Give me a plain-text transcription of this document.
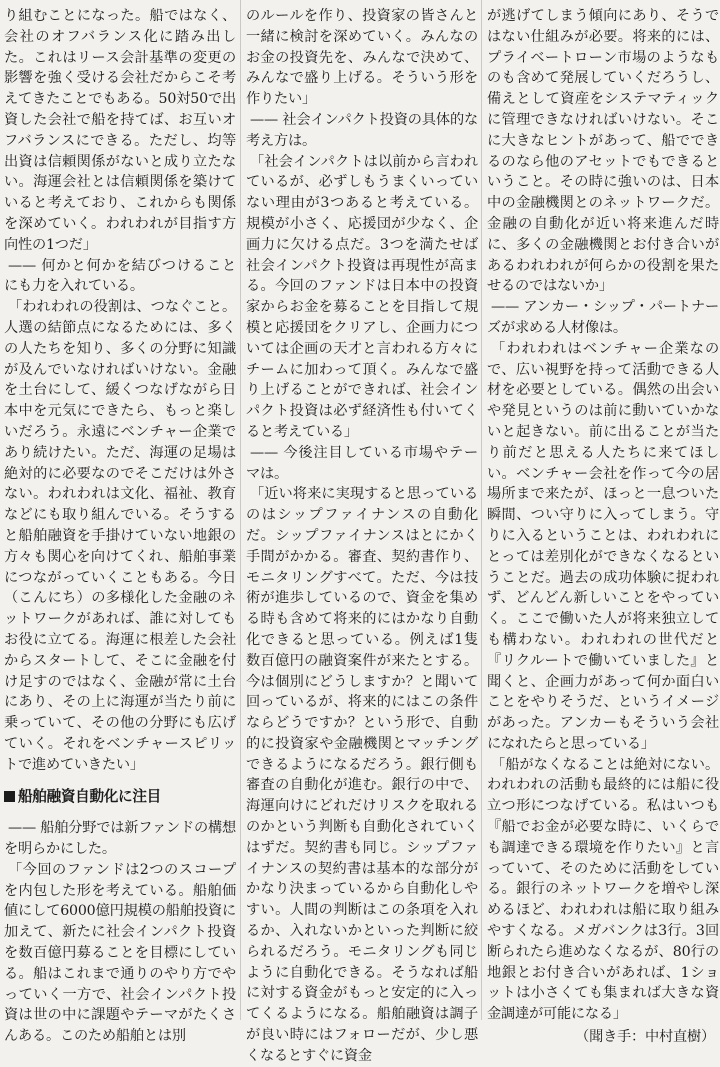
り組むことになった。船ではなく、会社のオフバランス化に踏み出した。これはリース会計基準の変更の影響を強く受ける会社だからこそ考えてきたことでもある。50対50で出資した会社で船を持てば、お互いオフバランスにできる。ただし、均等出資は信頼関係がないと成り立たない。海運会社とは信頼関係を築けていると考えており、これからも関係を深めていく。われわれが目指す方向性の1つだ」

—— 何かと何かを結びつけることにも力を入れている。

「われわれの役割は、つなぐこと。人選の結節点になるためには、多くの人たちを知り、多くの分野に知識が及んでいなければいけない。金融を土台にして、緩くつなげながら日本中を元気にできたら、もっと楽しいだろう。永遠にベンチャー企業であり続けたい。ただ、海運の足場は絶対的に必要なのでそこだけは外さない。われわれは文化、福祉、教育などにも取り組んでいる。そうすると船舶融資を手掛けていない地銀の方々も関心を向けてくれ、船舶事業につながっていくこともある。今日（こんにち）の多様化した金融のネットワークがあれば、誰に対してもお役に立てる。海運に根差した会社からスタートして、そこに金融を付け足すのではなく、金融が常に土台にあり、その上に海運が当たり前に乗っていて、その他の分野にも広げていく。それをベンチャースピリットで進めていきたい」

船舶融資自動化に注目

—— 船舶分野では新ファンドの構想を明らかにした。

「今回のファンドは2つのスコープを内包した形を考えている。船舶価値にして6000億円規模の船舶投資に加えて、新たに社会インパクト投資を数百億円募ることを目標にしている。船はこれまで通りのやり方でやっていく一方で、社会インパクト投資は世の中に課題やテーマがたくさんある。このため船舶とは別

のルールを作り、投資家の皆さんと一緒に検討を深めていく。みんなのお金の投資先を、みんなで決めて、みんなで盛り上げる。そういう形を作りたい」

—— 社会インパクト投資の具体的な考え方は。

「社会インパクトは以前から言われているが、必ずしもうまくいっていない理由が3つあると考えている。規模が小さく、応援団が少なく、企画力に欠ける点だ。3つを満たせば社会インパクト投資は再現性が高まる。今回のファンドは日本中の投資家からお金を募ることを目指して規模と応援団をクリアし、企画力については企画の天才と言われる方々にチームに加わって頂く。みんなで盛り上げることができれば、社会インパクト投資は必ず経済性も付いてくると考えている」

—— 今後注目している市場やテーマは。

「近い将来に実現すると思っているのはシップファイナンスの自動化だ。シップファイナンスはとにかく手間がかかる。審査、契約書作り、モニタリングすべて。ただ、今は技術が進歩しているので、資金を集める時も含めて将来的にはかなり自動化できると思っている。例えば1隻数百億円の融資案件が来たとする。今は個別にどうしますか？と聞いて回っているが、将来的にはこの条件ならどうですか？という形で、自動的に投資家や金融機関とマッチングできるようになるだろう。銀行側も審査の自動化が進む。銀行の中で、海運向けにどれだけリスクを取れるのかという判断も自動化されていくはずだ。契約書も同じ。シップファイナンスの契約書は基本的な部分がかなり決まっているから自動化しやすい。人間の判断はこの条項を入れるか、入れないかといった判断に絞られるだろう。モニタリングも同じように自動化できる。そうなれば船に対する資金がもっと安定的に入ってくるようになる。船舶融資は調子が良い時にはフォローだが、少し悪くなるとすぐに資金

が逃げてしまう傾向にあり、そうではない仕組みが必要。将来的には、プライベートローン市場のようなものも含めて発展していくだろうし、備えとして資産をシステマティックに管理できなければいけない。そこに大きなヒントがあって、船でできるのなら他のアセットでもできるということ。その時に強いのは、日本中の金融機関とのネットワークだ。金融の自動化が近い将来進んだ時に、多くの金融機関とお付き合いがあるわれわれが何らかの役割を果たせるのではないか」

—— アンカー・シップ・パートナーズが求める人材像は。

「われわれはベンチャー企業なので、広い視野を持って活動できる人材を必要としている。偶然の出会いや発見というのは前に動いていかないと起きない。前に出ることが当たり前だと思える人たちに来てほしい。ベンチャー会社を作って今の居場所まで来たが、ほっと一息ついた瞬間、つい守りに入ってしまう。守りに入るということは、われわれにとっては差別化ができなくなるということだ。過去の成功体験に捉われず、どんどん新しいことをやっていく。ここで働いた人が将来独立しても構わない。われわれの世代だと『リクルートで働いていました』と聞くと、企画力があって何か面白いことをやりそうだ、というイメージがあった。アンカーもそういう会社になれたらと思っている」

「船がなくなることは絶対にない。われわれの活動も最終的には船に役立つ形につなげている。私はいつも『船でお金が必要な時に、いくらでも調達できる環境を作りたい』と言っていて、そのために活動をしている。銀行のネットワークを増やし深めるほど、われわれは船に取り組みやすくなる。メガバンクは3行。3回断られたら進めなくなるが、80行の地銀とお付き合いがあれば、1ショットは小さくても集まれば大きな資金調達が可能になる」

（聞き手：中村直樹）
